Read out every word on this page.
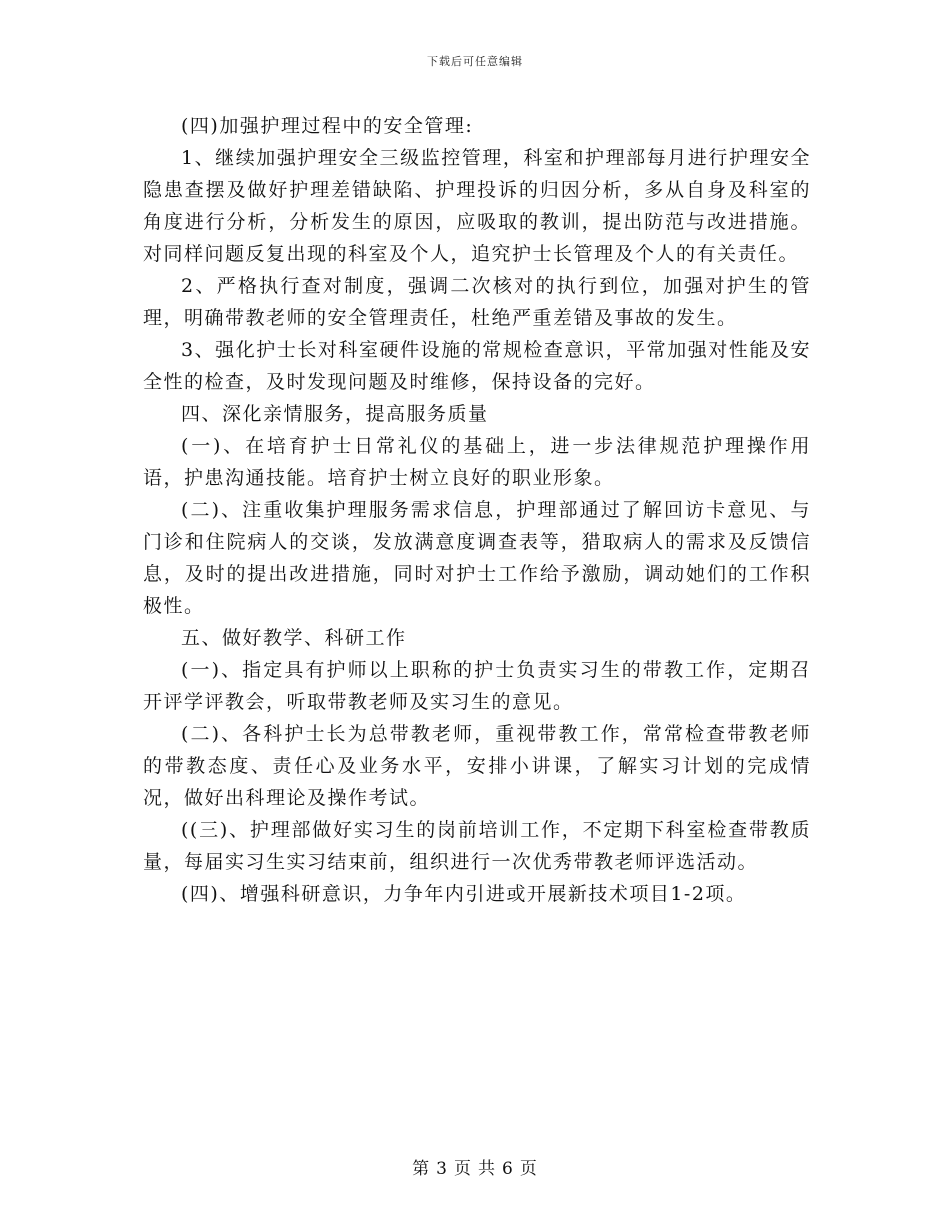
下载后可任意编辑

(四)加强护理过程中的安全管理:

1、继续加强护理安全三级监控管理，科室和护理部每月进行护理安全隐患查摆及做好护理差错缺陷、护理投诉的归因分析，多从自身及科室的角度进行分析，分析发生的原因，应吸取的教训，提出防范与改进措施。对同样问题反复出现的科室及个人，追究护士长管理及个人的有关责任。

2、严格执行查对制度，强调二次核对的执行到位，加强对护生的管理，明确带教老师的安全管理责任，杜绝严重差错及事故的发生。

3、强化护士长对科室硬件设施的常规检查意识，平常加强对性能及安全性的检查，及时发现问题及时维修，保持设备的完好。

四、深化亲情服务，提高服务质量

(一)、在培育护士日常礼仪的基础上，进一步法律规范护理操作用语，护患沟通技能。培育护士树立良好的职业形象。

(二)、注重收集护理服务需求信息，护理部通过了解回访卡意见、与门诊和住院病人的交谈，发放满意度调查表等，猎取病人的需求及反馈信息，及时的提出改进措施，同时对护士工作给予激励，调动她们的工作积极性。

五、做好教学、科研工作

(一)、指定具有护师以上职称的护士负责实习生的带教工作，定期召开评学评教会，听取带教老师及实习生的意见。

(二)、各科护士长为总带教老师，重视带教工作，常常检查带教老师的带教态度、责任心及业务水平，安排小讲课，了解实习计划的完成情况，做好出科理论及操作考试。

((三)、护理部做好实习生的岗前培训工作，不定期下科室检查带教质量，每届实习生实习结束前，组织进行一次优秀带教老师评选活动。

(四)、增强科研意识，力争年内引进或开展新技术项目1-2项。

第 3 页 共 6 页
